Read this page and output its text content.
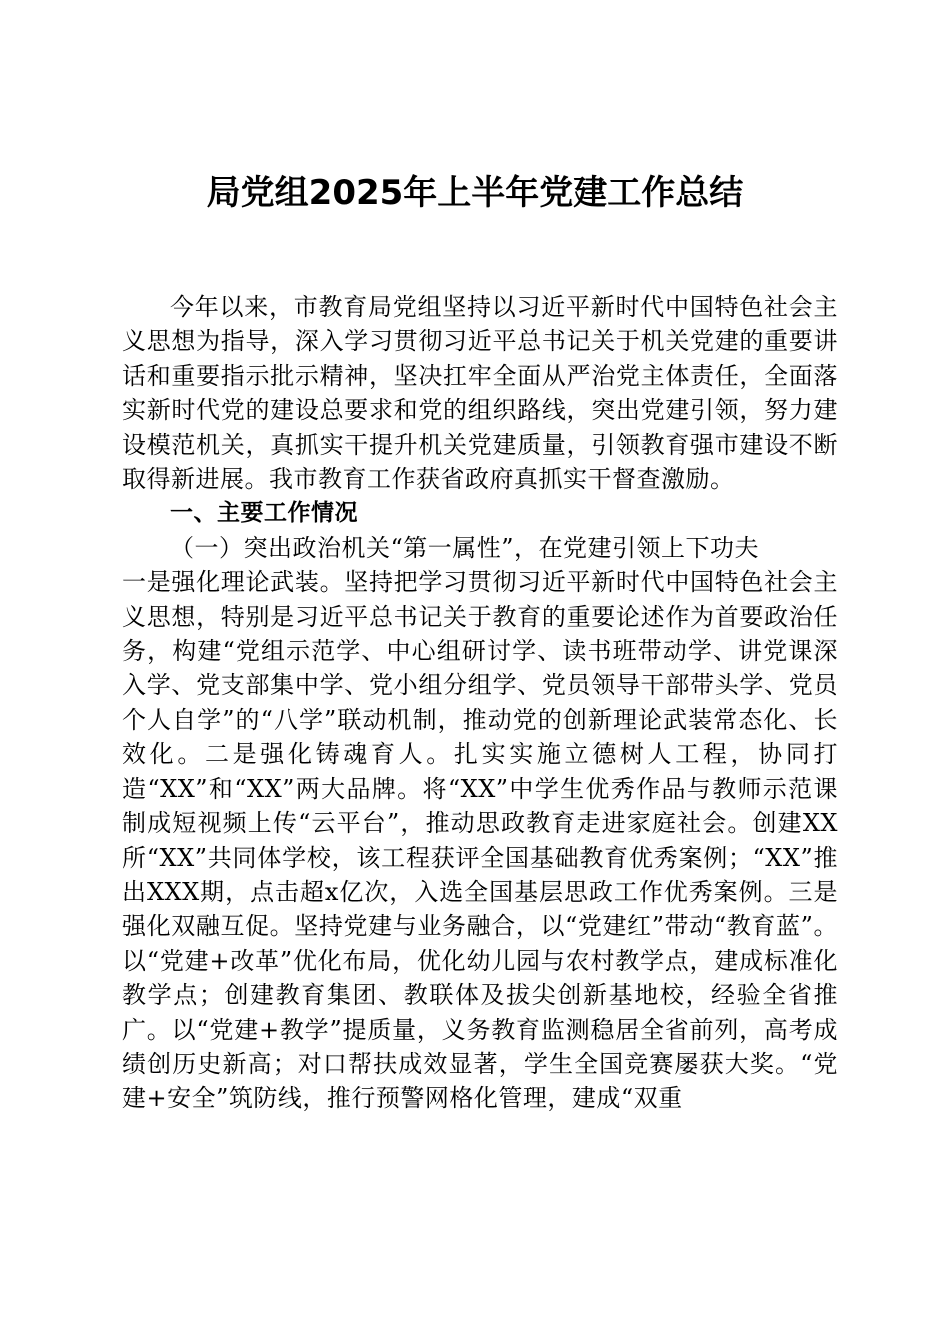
局党组2025年上半年党建工作总结

今年以来，市教育局党组坚持以习近平新时代中国特色社会主义思想为指导，深入学习贯彻习近平总书记关于机关党建的重要讲话和重要指示批示精神，坚决扛牢全面从严治党主体责任，全面落实新时代党的建设总要求和党的组织路线，突出党建引领，努力建设模范机关，真抓实干提升机关党建质量，引领教育强市建设不断取得新进展。我市教育工作获省政府真抓实干督查激励。

一、主要工作情况

（一）突出政治机关“第一属性”，在党建引领上下功夫

一是强化理论武装。坚持把学习贯彻习近平新时代中国特色社会主义思想，特别是习近平总书记关于教育的重要论述作为首要政治任务，构建“党组示范学、中心组研讨学、读书班带动学、讲党课深入学、党支部集中学、党小组分组学、党员领导干部带头学、党员个人自学”的“八学”联动机制，推动党的创新理论武装常态化、长效化。二是强化铸魂育人。扎实实施立德树人工程，协同打造“XX”和“XX”两大品牌。将“XX”中学生优秀作品与教师示范课制成短视频上传“云平台”，推动思政教育走进家庭社会。创建XX所“XX”共同体学校，该工程获评全国基础教育优秀案例；“XX”推出XXX期，点击超x亿次，入选全国基层思政工作优秀案例。三是强化双融互促。坚持党建与业务融合，以“党建红”带动“教育蓝”。以“党建+改革”优化布局，优化幼儿园与农村教学点，建成标准化教学点；创建教育集团、教联体及拔尖创新基地校，经验全省推广。以“党建+教学”提质量，义务教育监测稳居全省前列，高考成绩创历史新高；对口帮扶成效显著，学生全国竞赛屡获大奖。“党建+安全”筑防线，推行预警网格化管理，建成“双重
